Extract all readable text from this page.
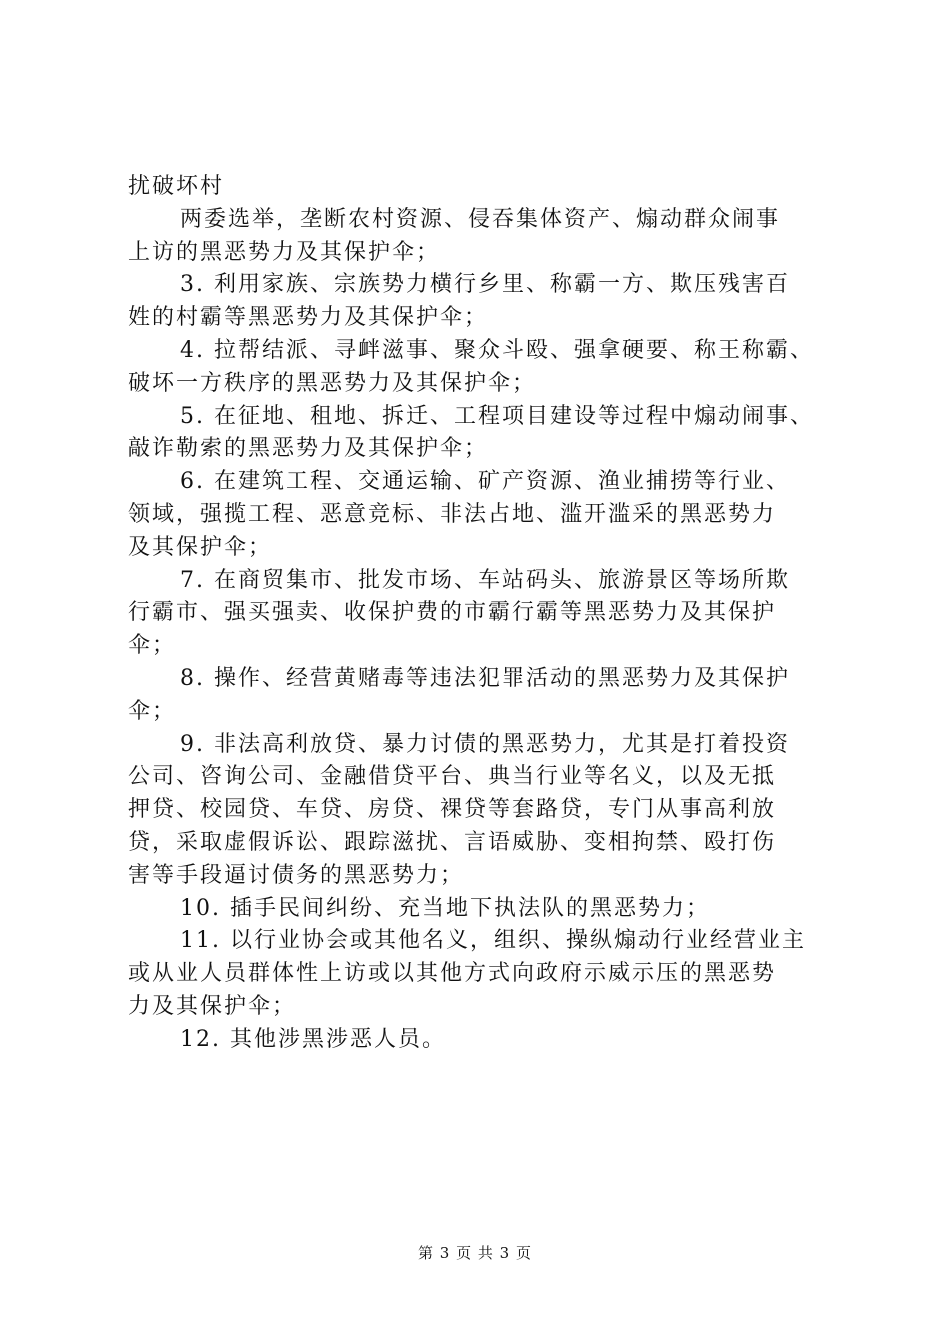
扰破坏村
两委选举，垄断农村资源、侵吞集体资产、煽动群众闹事
上访的黑恶势力及其保护伞；
3. 利用家族、宗族势力横行乡里、称霸一方、欺压残害百
姓的村霸等黑恶势力及其保护伞；
4. 拉帮结派、寻衅滋事、聚众斗殴、强拿硬要、称王称霸、
破坏一方秩序的黑恶势力及其保护伞；
5. 在征地、租地、拆迁、工程项目建设等过程中煽动闹事、
敲诈勒索的黑恶势力及其保护伞；
6. 在建筑工程、交通运输、矿产资源、渔业捕捞等行业、
领域，强揽工程、恶意竞标、非法占地、滥开滥采的黑恶势力
及其保护伞；
7. 在商贸集市、批发市场、车站码头、旅游景区等场所欺
行霸市、强买强卖、收保护费的市霸行霸等黑恶势力及其保护
伞；
8. 操作、经营黄赌毒等违法犯罪活动的黑恶势力及其保护
伞；
9. 非法高利放贷、暴力讨债的黑恶势力，尤其是打着投资
公司、咨询公司、金融借贷平台、典当行业等名义，以及无抵
押贷、校园贷、车贷、房贷、裸贷等套路贷，专门从事高利放
贷，采取虚假诉讼、跟踪滋扰、言语威胁、变相拘禁、殴打伤
害等手段逼讨债务的黑恶势力；
10. 插手民间纠纷、充当地下执法队的黑恶势力；
11. 以行业协会或其他名义，组织、操纵煽动行业经营业主
或从业人员群体性上访或以其他方式向政府示威示压的黑恶势
力及其保护伞；
12. 其他涉黑涉恶人员。
第 3 页 共 3 页
